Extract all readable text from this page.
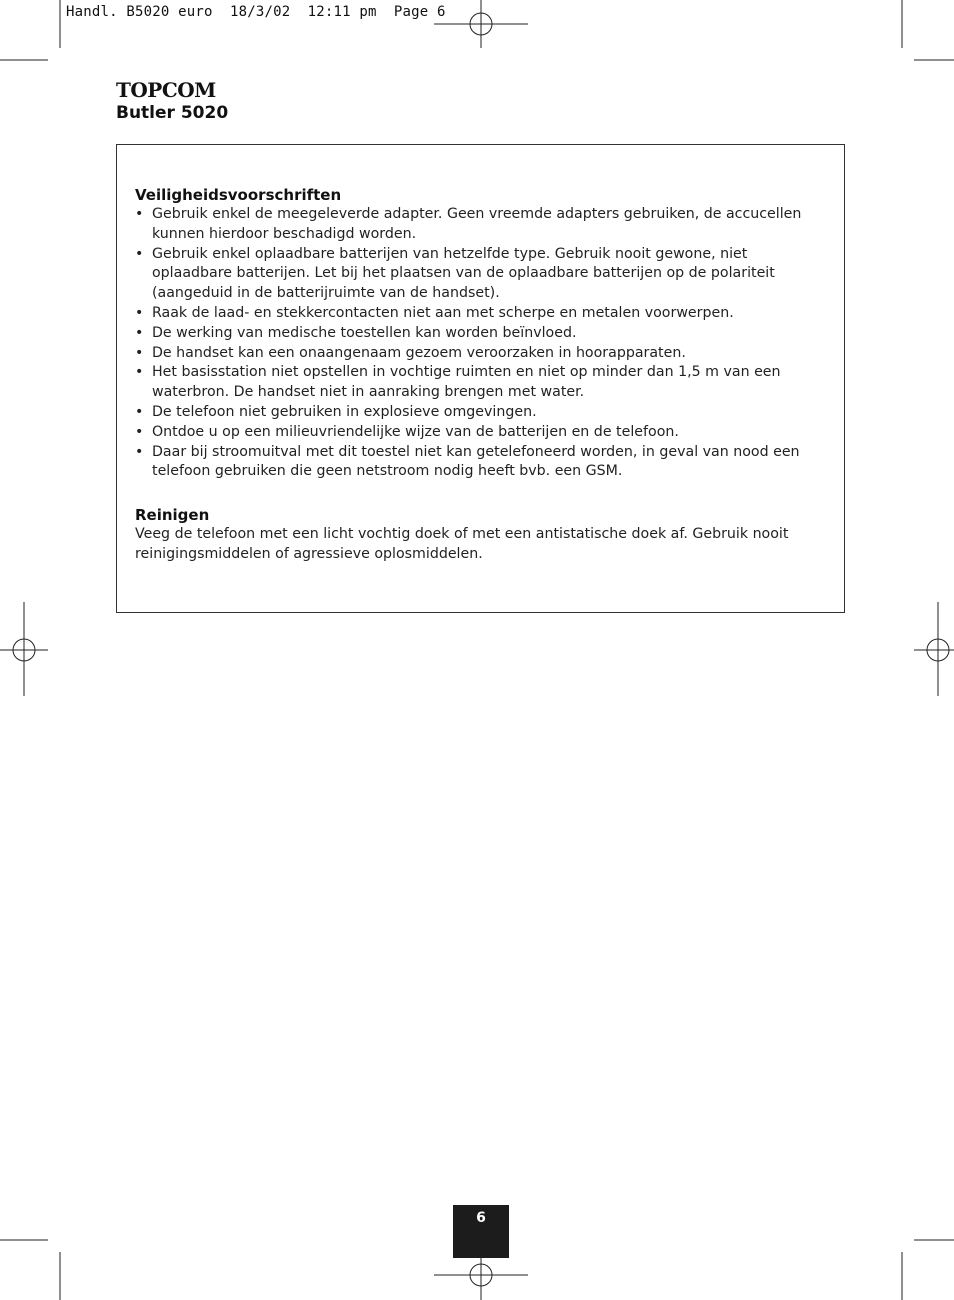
Handl. B5020 euro  18/3/02  12:11 pm  Page 6
TOPCOM
Butler 5020
Veiligheidsvoorschriften
• Gebruik enkel de meegeleverde adapter. Geen vreemde adapters gebruiken, de accucellen kunnen hierdoor beschadigd worden.
• Gebruik enkel oplaadbare batterijen van hetzelfde type. Gebruik nooit gewone, niet oplaadbare batterijen. Let bij het plaatsen van de oplaadbare batterijen op de polariteit (aangeduid in de batterijruimte van de handset).
• Raak de laad- en stekkercontacten niet aan met scherpe en metalen voorwerpen.
• De werking van medische toestellen kan worden beïnvloed.
• De handset kan een onaangenaam gezoem veroorzaken in hoorapparaten.
• Het basisstation niet opstellen in vochtige ruimten en niet op minder dan 1,5 m van een waterbron. De handset niet in aanraking brengen met water.
• De telefoon niet gebruiken in explosieve omgevingen.
• Ontdoe u op een milieuvriendelijke wijze van de batterijen en de telefoon.
• Daar bij stroomuitval met dit toestel niet kan getelefoneerd worden, in geval van nood een telefoon gebruiken die geen netstroom nodig heeft bvb. een GSM.
Reinigen

Veeg de telefoon met een licht vochtig doek of met een antistatische doek af. Gebruik nooit reinigingsmiddelen of agressieve oplosmiddelen.

6
